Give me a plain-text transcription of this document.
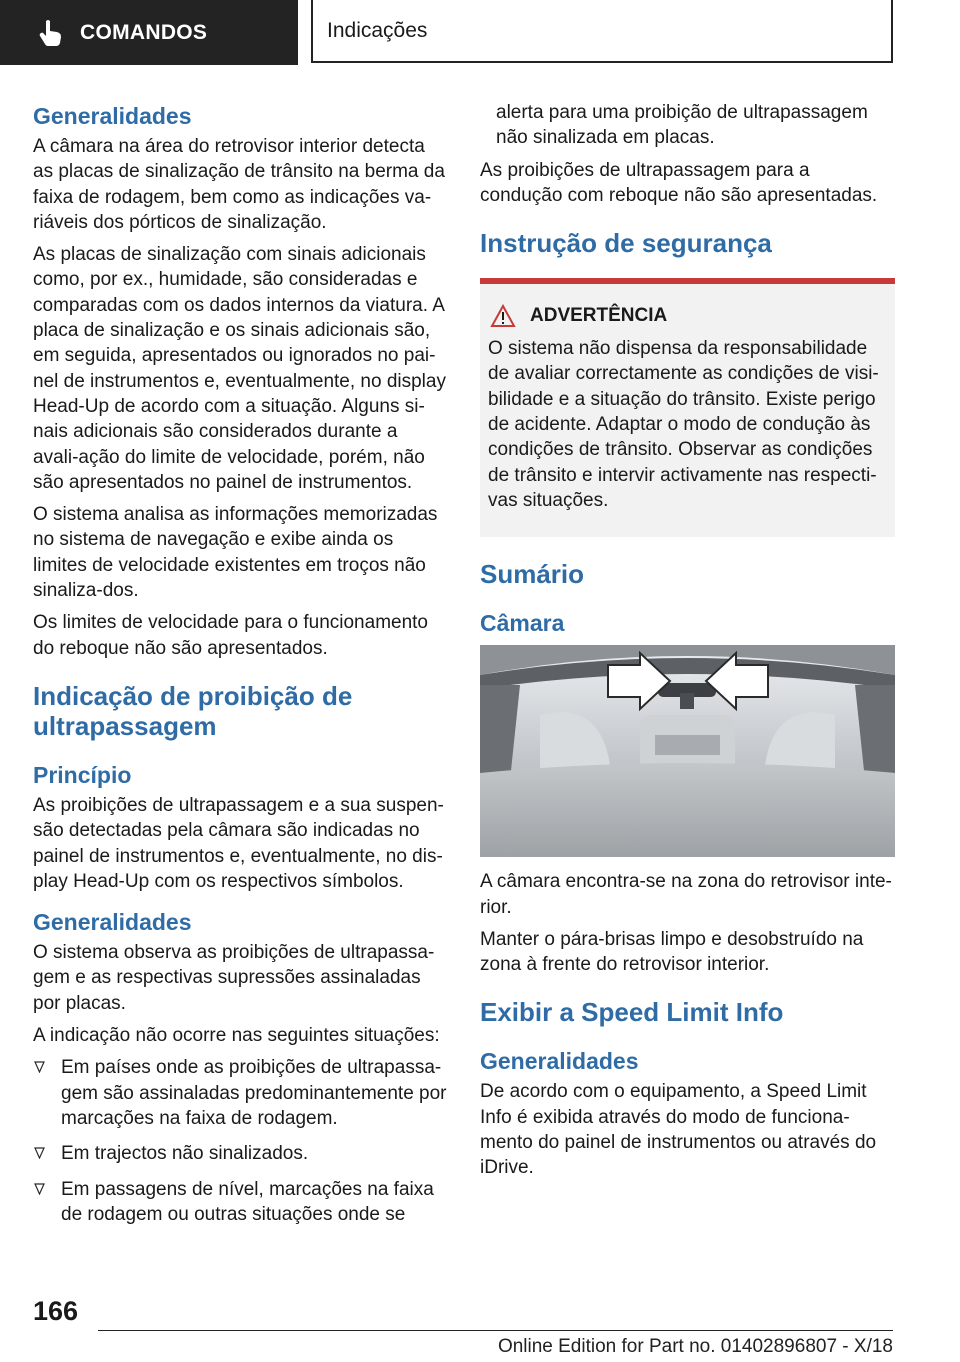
COMANDOS	Indicações
Generalidades

A câmara na área do retrovisor interior detecta as placas de sinalização de trânsito na berma da faixa de rodagem, bem como as indicações va-riáveis dos pórticos de sinalização.

As placas de sinalização com sinais adicionais como, por ex., humidade, são consideradas e comparadas com os dados internos da viatura. A placa de sinalização e os sinais adicionais são, em seguida, apresentados ou ignorados no pai-nel de instrumentos e, eventualmente, no display Head-Up de acordo com a situação. Alguns si-nais adicionais são considerados durante a avali-ação do limite de velocidade, porém, não são apresentados no painel de instrumentos.

O sistema analisa as informações memorizadas no sistema de navegação e exibe ainda os limites de velocidade existentes em troços não sinaliza-dos.

Os limites de velocidade para o funcionamento do reboque não são apresentados.

Indicação de proibição de ultrapassagem
Princípio

As proibições de ultrapassagem e a sua suspen-são detectadas pela câmara são indicadas no painel de instrumentos e, eventualmente, no dis-play Head-Up com os respectivos símbolos.

Generalidades

O sistema observa as proibições de ultrapassa-gem e as respectivas supressões assinaladas por placas.

A indicação não ocorre nas seguintes situações:

Em países onde as proibições de ultrapassa-gem são assinaladas predominantemente por marcações na faixa de rodagem.
Em trajectos não sinalizados.
Em passagens de nível, marcações na faixa de rodagem ou outras situações onde se

alerta para uma proibição de ultrapassagem não sinalizada em placas.

As proibições de ultrapassagem para a condução com reboque não são apresentadas.

Instrução de segurança
ADVERTÊNCIA

O sistema não dispensa da responsabilidade de avaliar correctamente as condições de visi-bilidade e a situação do trânsito. Existe perigo de acidente. Adaptar o modo de condução às condições de trânsito. Observar as condições de trânsito e intervir activamente nas respecti-vas situações.

Sumário
Câmara

A câmara encontra-se na zona do retrovisor inte-rior.

Manter o pára-brisas limpo e desobstruído na zona à frente do retrovisor interior.

Exibir a Speed Limit Info
Generalidades

De acordo com o equipamento, a Speed Limit Info é exibida através do modo de funciona-mento do painel de instrumentos ou através do iDrive.

166
Online Edition for Part no. 01402896807 - X/18
